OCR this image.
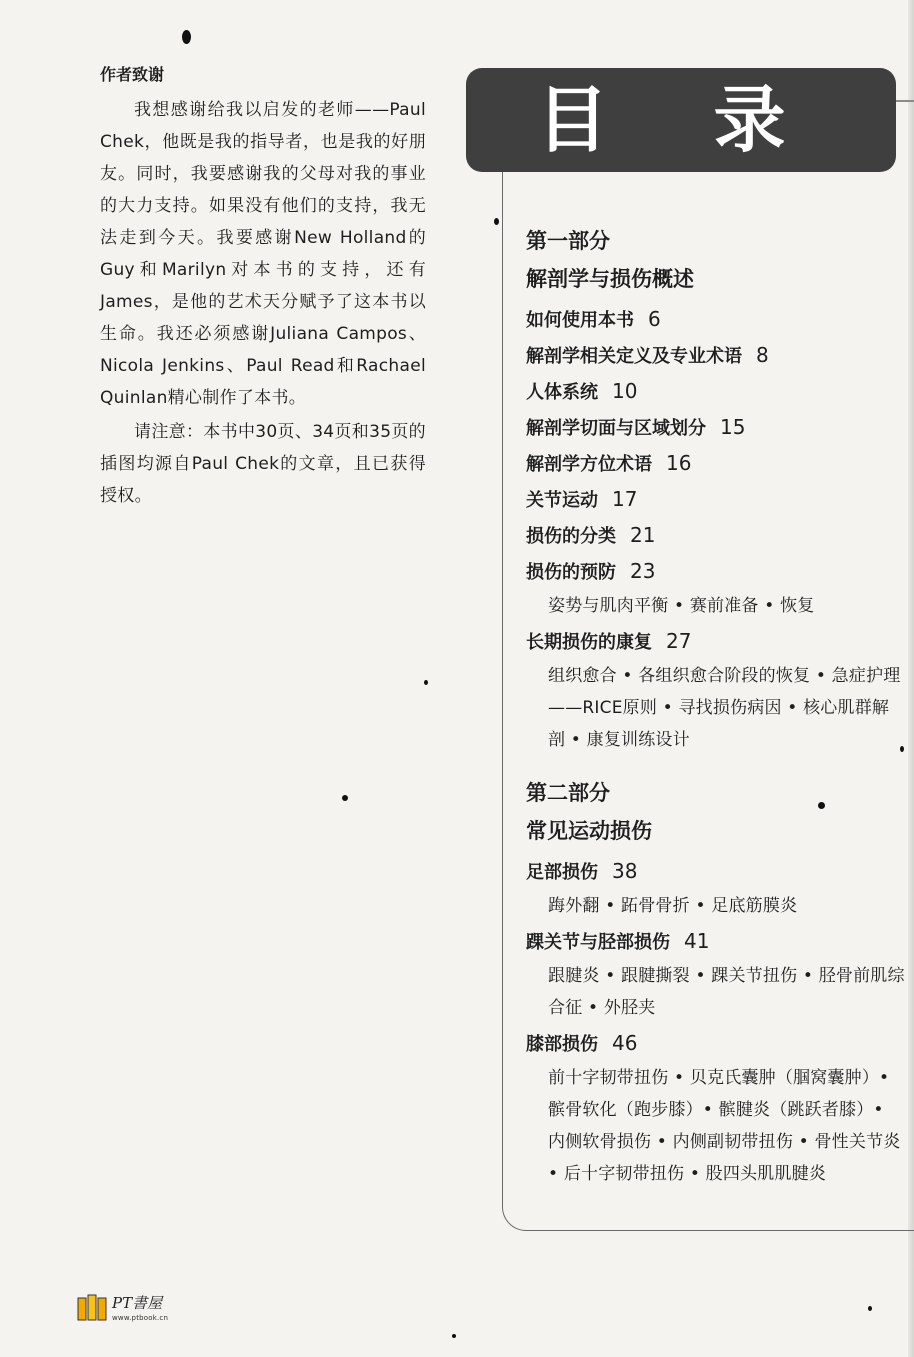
作者致谢

我想感谢给我以启发的老师——Paul Chek，他既是我的指导者，也是我的好朋友。同时，我要感谢我的父母对我的事业的大力支持。如果没有他们的支持，我无法走到今天。我要感谢New Holland的Guy和Marilyn对本书的支持，还有James，是他的艺术天分赋予了这本书以生命。我还必须感谢Juliana Campos、Nicola Jenkins、Paul Read和Rachael Quinlan精心制作了本书。

请注意：本书中30页、34页和35页的插图均源自Paul Chek的文章，且已获得授权。

目 录
第一部分
解剖学与损伤概述
如何使用本书 6
解剖学相关定义及专业术语 8
人体系统 10
解剖学切面与区域划分 15
解剖学方位术语 16
关节运动 17
损伤的分类 21
损伤的预防 23
姿势与肌肉平衡 • 赛前准备 • 恢复
长期损伤的康复 27
组织愈合 • 各组织愈合阶段的恢复 • 急症护理——RICE原则 • 寻找损伤病因 • 核心肌群解剖 • 康复训练设计
第二部分
常见运动损伤
足部损伤 38
踇外翻 • 跖骨骨折 • 足底筋膜炎
踝关节与胫部损伤 41
跟腱炎 • 跟腱撕裂 • 踝关节扭伤 • 胫骨前肌综合征 • 外胫夹
膝部损伤 46
前十字韧带扭伤 • 贝克氏囊肿（腘窝囊肿）• 髌骨软化（跑步膝）• 髌腱炎（跳跃者膝）• 内侧软骨损伤 • 内侧副韧带扭伤 • 骨性关节炎 • 后十字韧带扭伤 • 股四头肌肌腱炎
PT書屋
www.ptbook.cn
